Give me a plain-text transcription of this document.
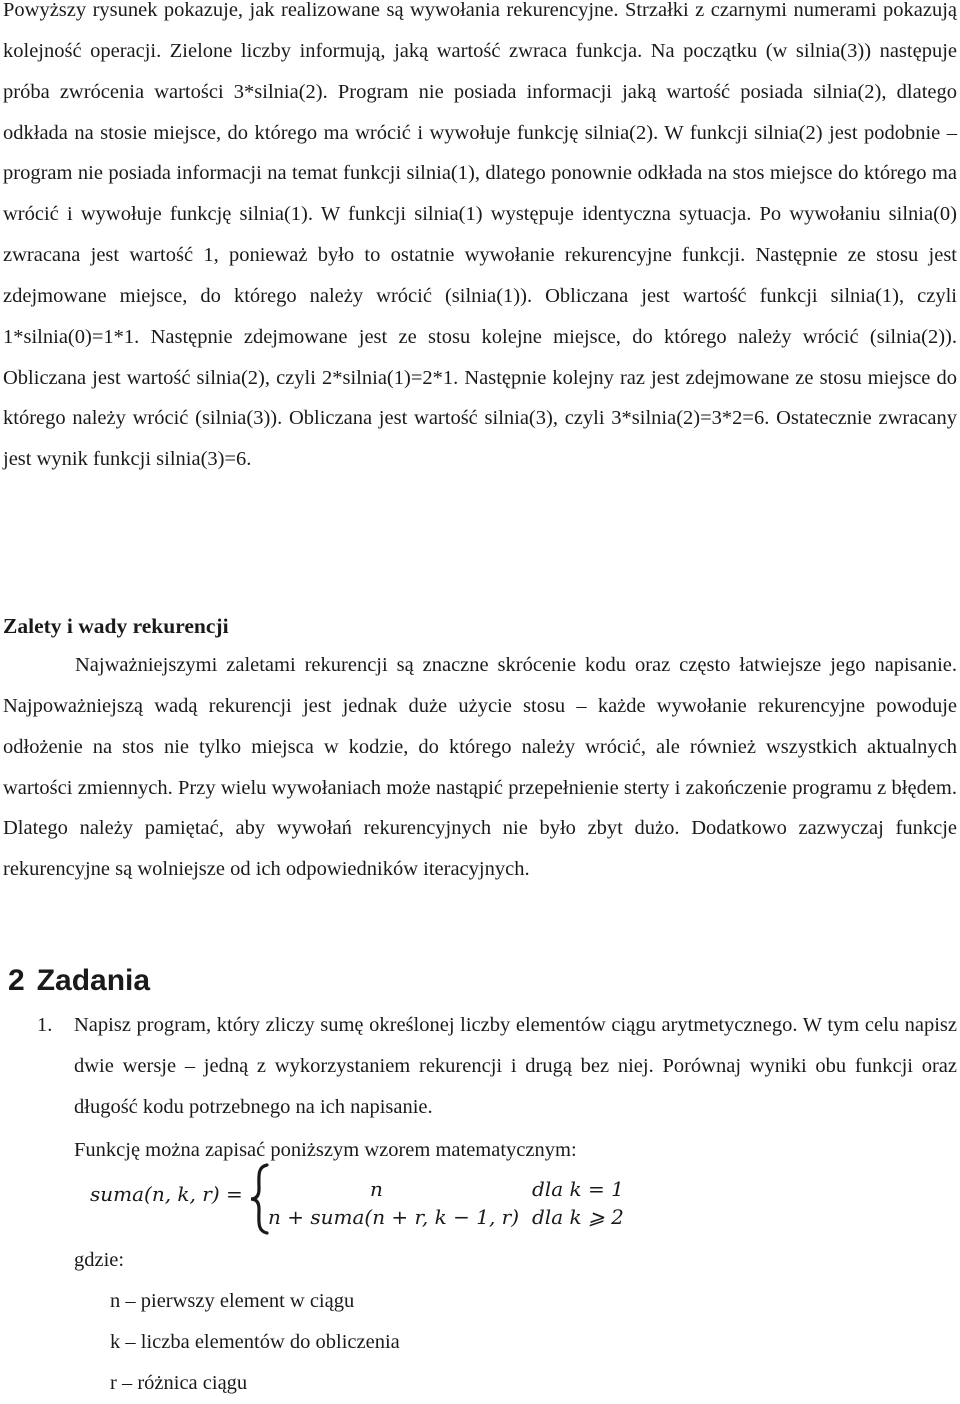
Powyższy rysunek pokazuje, jak realizowane są wywołania rekurencyjne. Strzałki z czarnymi numerami pokazują kolejność operacji. Zielone liczby informują, jaką wartość zwraca funkcja. Na początku (w silnia(3)) następuje próba zwrócenia wartości 3*silnia(2). Program nie posiada informacji jaką wartość posiada silnia(2), dlatego odkłada na stosie miejsce, do którego ma wrócić i wywołuje funkcję silnia(2). W funkcji silnia(2) jest podobnie – program nie posiada informacji na temat funkcji silnia(1), dlatego ponownie odkłada na stos miejsce do którego ma wrócić i wywołuje funkcję silnia(1). W funkcji silnia(1) występuje identyczna sytuacja. Po wywołaniu silnia(0) zwracana jest wartość 1, ponieważ było to ostatnie wywołanie rekurencyjne funkcji. Następnie ze stosu jest zdejmowane miejsce, do którego należy wrócić (silnia(1)). Obliczana jest wartość funkcji silnia(1), czyli 1*silnia(0)=1*1. Następnie zdejmowane jest ze stosu kolejne miejsce, do którego należy wrócić (silnia(2)). Obliczana jest wartość silnia(2), czyli 2*silnia(1)=2*1. Następnie kolejny raz jest zdejmowane ze stosu miejsce do którego należy wrócić (silnia(3)). Obliczana jest wartość silnia(3), czyli 3*silnia(2)=3*2=6. Ostatecznie zwracany jest wynik funkcji silnia(3)=6.

Zalety i wady rekurencji

Najważniejszymi zaletami rekurencji są znaczne skrócenie kodu oraz często łatwiejsze jego napisanie. Najpoważniejszą wadą rekurencji jest jednak duże użycie stosu – każde wywołanie rekurencyjne powoduje odłożenie na stos nie tylko miejsca w kodzie, do którego należy wrócić, ale również wszystkich aktualnych wartości zmiennych. Przy wielu wywołaniach może nastąpić przepełnienie sterty i zakończenie programu z błędem. Dlatego należy pamiętać, aby wywołań rekurencyjnych nie było zbyt dużo. Dodatkowo zazwyczaj funkcje rekurencyjne są wolniejsze od ich odpowiedników iteracyjnych.

2 Zadania
1. Napisz program, który zliczy sumę określonej liczby elementów ciągu arytmetycznego. W tym celu napisz dwie wersje – jedną z wykorzystaniem rekurencji i drugą bez niej. Porównaj wyniki obu funkcji oraz długość kodu potrzebnego na ich napisanie.

Funkcję można zapisać poniższym wzorem matematycznym:

suma(n, k, r) =	n	dla k = 1
n + suma(n + r, k − 1, r) dla k ⩾ 2

gdzie:

n – pierwszy element w ciągu
k – liczba elementów do obliczenia
r – różnica ciągu
